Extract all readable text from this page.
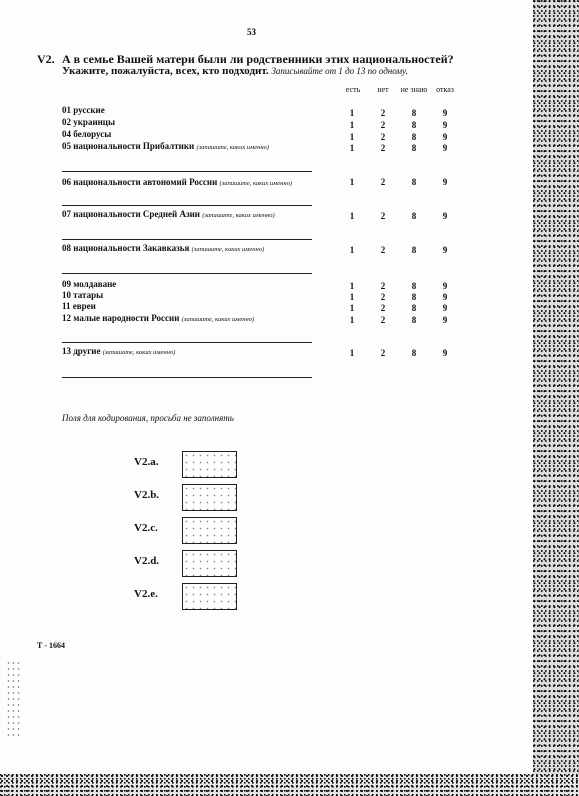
53
V2. А в семье Вашей матери были ли родственники этих национальностей?
Укажите, пожалуйста, всех, кто подходит. Записывайте от 1 до 13 по одному.
есть	нет	не знаю	отказ
01 русские	1	2	8	9
02 украинцы	1	2	8	9
04 белорусы	1	2	8	9
05 национальности Прибалтики (запишите, каких именно)	1	2	8	9
06 национальности автономий России (запишите, каких именно)	1	2	8	9
07 национальности Средней Азии (запишите, каких именно)	1	2	8	9
08 национальности Закавказья (запишите, каких именно)	1	2	8	9
09 молдаване	1	2	8	9
10 татары	1	2	8	9
11 евреи	1	2	8	9
12 малые народности России (запишите, каких именно)	1	2	8	9
13 другие (запишите, каких именно)	1	2	8	9
Поля для кодирования, просьба не заполнять
V2.a.
V2.b.
V2.c.
V2.d.
V2.e.
Т - 1664
